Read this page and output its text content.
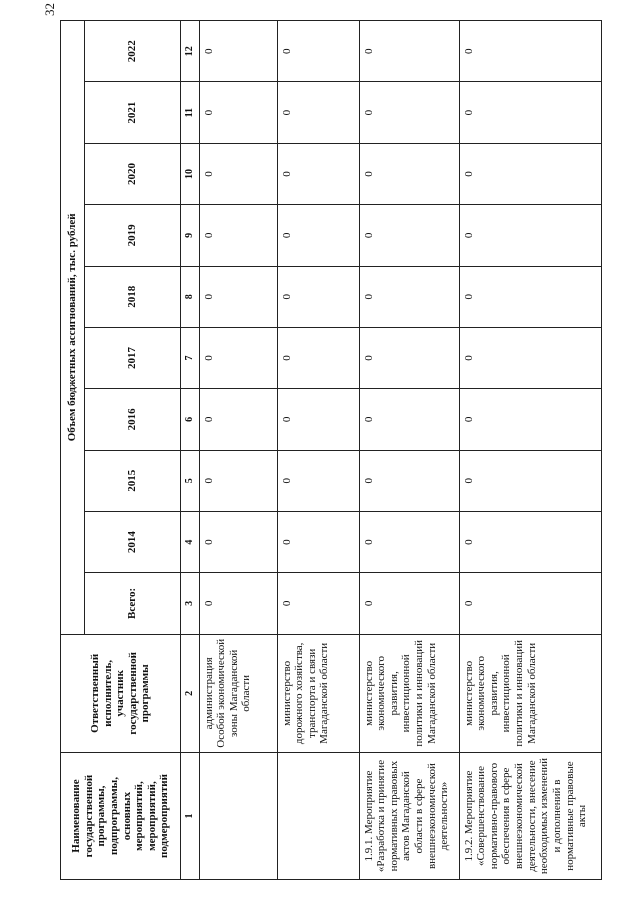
32
Наименование государственной программы, подпрограммы, основных мероприятий, мероприятий, подмероприятий	Ответственный исполнитель, участник государственной программы	Объем бюджетных ассигнований, тыс. рублей									
		Всего:	2014	2015	2016	2017	2018	2019	2020	2021	2022
1	2	3	4	5	6	7	8	9	10	11	12
	администрация Особой экономической зоны Магаданской области	0	0	0	0	0	0	0	0	0	0
	министерство дорожного хозяйства, транспорта и связи Магаданской области	0	0	0	0	0	0	0	0	0	0
1.9.1. Мероприятие «Разработка и принятие нормативных правовых актов Магаданской области в сфере внешнеэкономической деятельности»	министерство экономического развития, инвестиционной политики и инноваций Магаданской области	0	0	0	0	0	0	0	0	0	0
1.9.2. Мероприятие «Совершенствование нормативно-правового обеспечения в сфере внешнеэкономической деятельности, внесение необходимых изменений и дополнений в нормативные правовые акты	министерство экономического развития, инвестиционной политики и инноваций Магаданской области	0	0	0	0	0	0	0	0	0	0
